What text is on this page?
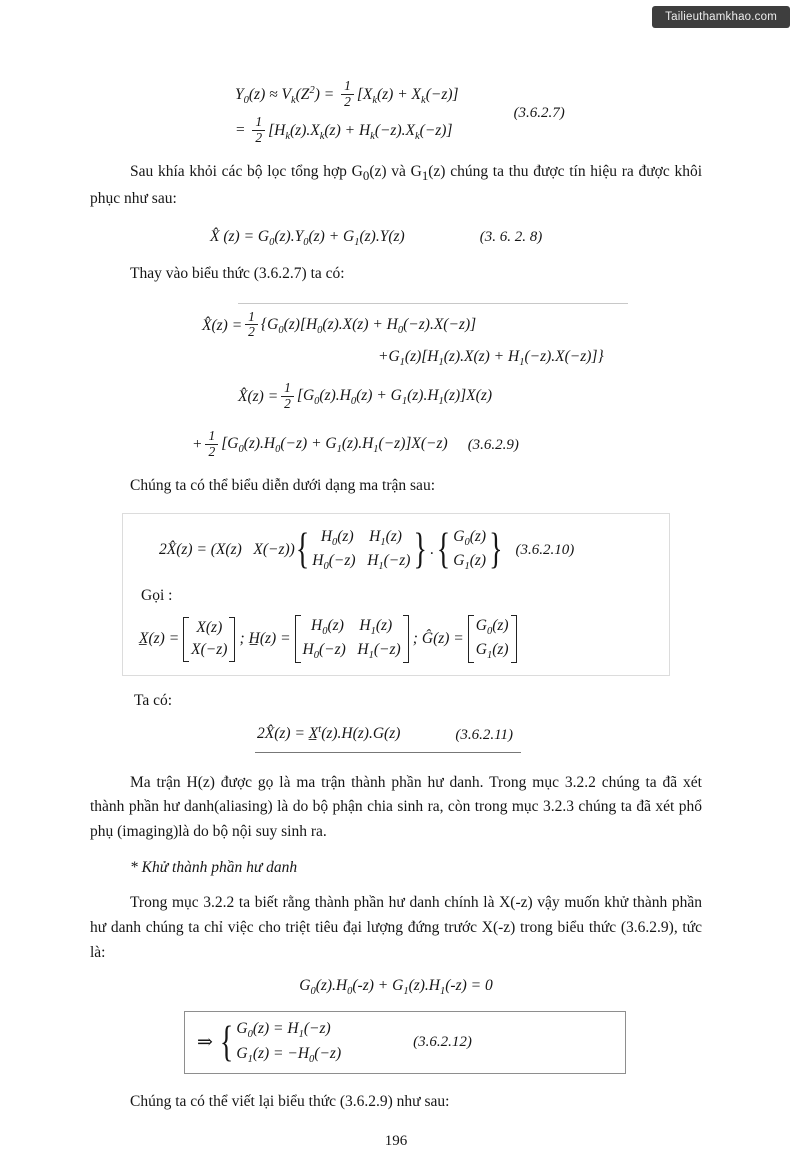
Tailieuthamkhao.com
$Y_0(z) \approx V_k(Z^2) = \frac{1}{2} [X_k(z) + X_k(-z)]$
= $\frac{1}{2} [H_k(z).X_k(z) + H_k(-z).X_k(-z)]$
(3.6.2.7)

Sau khía khỏi các bộ lọc tổng hợp $G_0(z)$ và $G_1(z)$ chúng ta thu được tín hiệu ra được khôi phục như sau:

X̂ $(z) = G_0(z).Y_0(z) + G_1(z).Y(z)$	(3. 6. 2. 8)

Thay vào biểu thức (3.6.2.7) ta có:

X̂(z) = $\frac{1}{2} \{G_0(z)[H_0(z).X(z) + H_0(-z).X(-z)]$
$+G_1(z)[H_1(z).X(z) + H_1(-z).X(-z)]$}
X̂(z) = $\frac{1}{2} [G_0(z).H_0(z) + G_1(z).H_1(z)]X(z)$
+ $\frac{1}{2} [G_0(z).H_0(-z) + G_1(z).H_1(-z)]X(-z)$ (3.6.2.9)

Chúng ta có thể biểu diễn dưới dạng ma trận sau:

2X̂(z) = (X(z)   X(−z)) { $H_0(z)$    $H_1(z)$
$H_0(-z)$   $H_1(-z)$ } . { $G_0(z)$
$G_1(z)$ } (3.6.2.10)
Gọi :
X̲(z) =
X(z)
X(−z)
; H̲(z) =
$H_0(z)$    $H_1(z)$
$H_0(-z)$   $H_1(-z)$
; Ĝ(z) =
$G_0(z)$
$G_1(z)$
Ta có:
2X̂(z) = X̲$^t$(z).H(z).G(z)	(3.6.2.11)

Ma trận H(z) được gọ là ma trận thành phần hư danh. Trong mục 3.2.2 chúng ta đã xét thành phần hư danh(aliasing) là do bộ phận chia sinh ra, còn trong mục 3.2.3 chúng ta đã xét phổ phụ (imaging)là do bộ nội suy sinh ra.

* Khử thành phần hư danh

Trong mục 3.2.2 ta biết rằng thành phần hư danh chính là X(-z) vậy muốn khử thành phần hư danh chúng ta chỉ việc cho triệt tiêu đại lượng đứng trước X(-z) trong biểu thức (3.6.2.9), tức là:

$G_0(z).H_0(-z) + G_1(z).H_1(-z) = 0$
⇒ { $G_0(z) = H_1(-z)$
$G_1(z) = -H_0(-z)$
(3.6.2.12)

Chúng ta có thể viết lại biểu thức (3.6.2.9) như sau:

196
